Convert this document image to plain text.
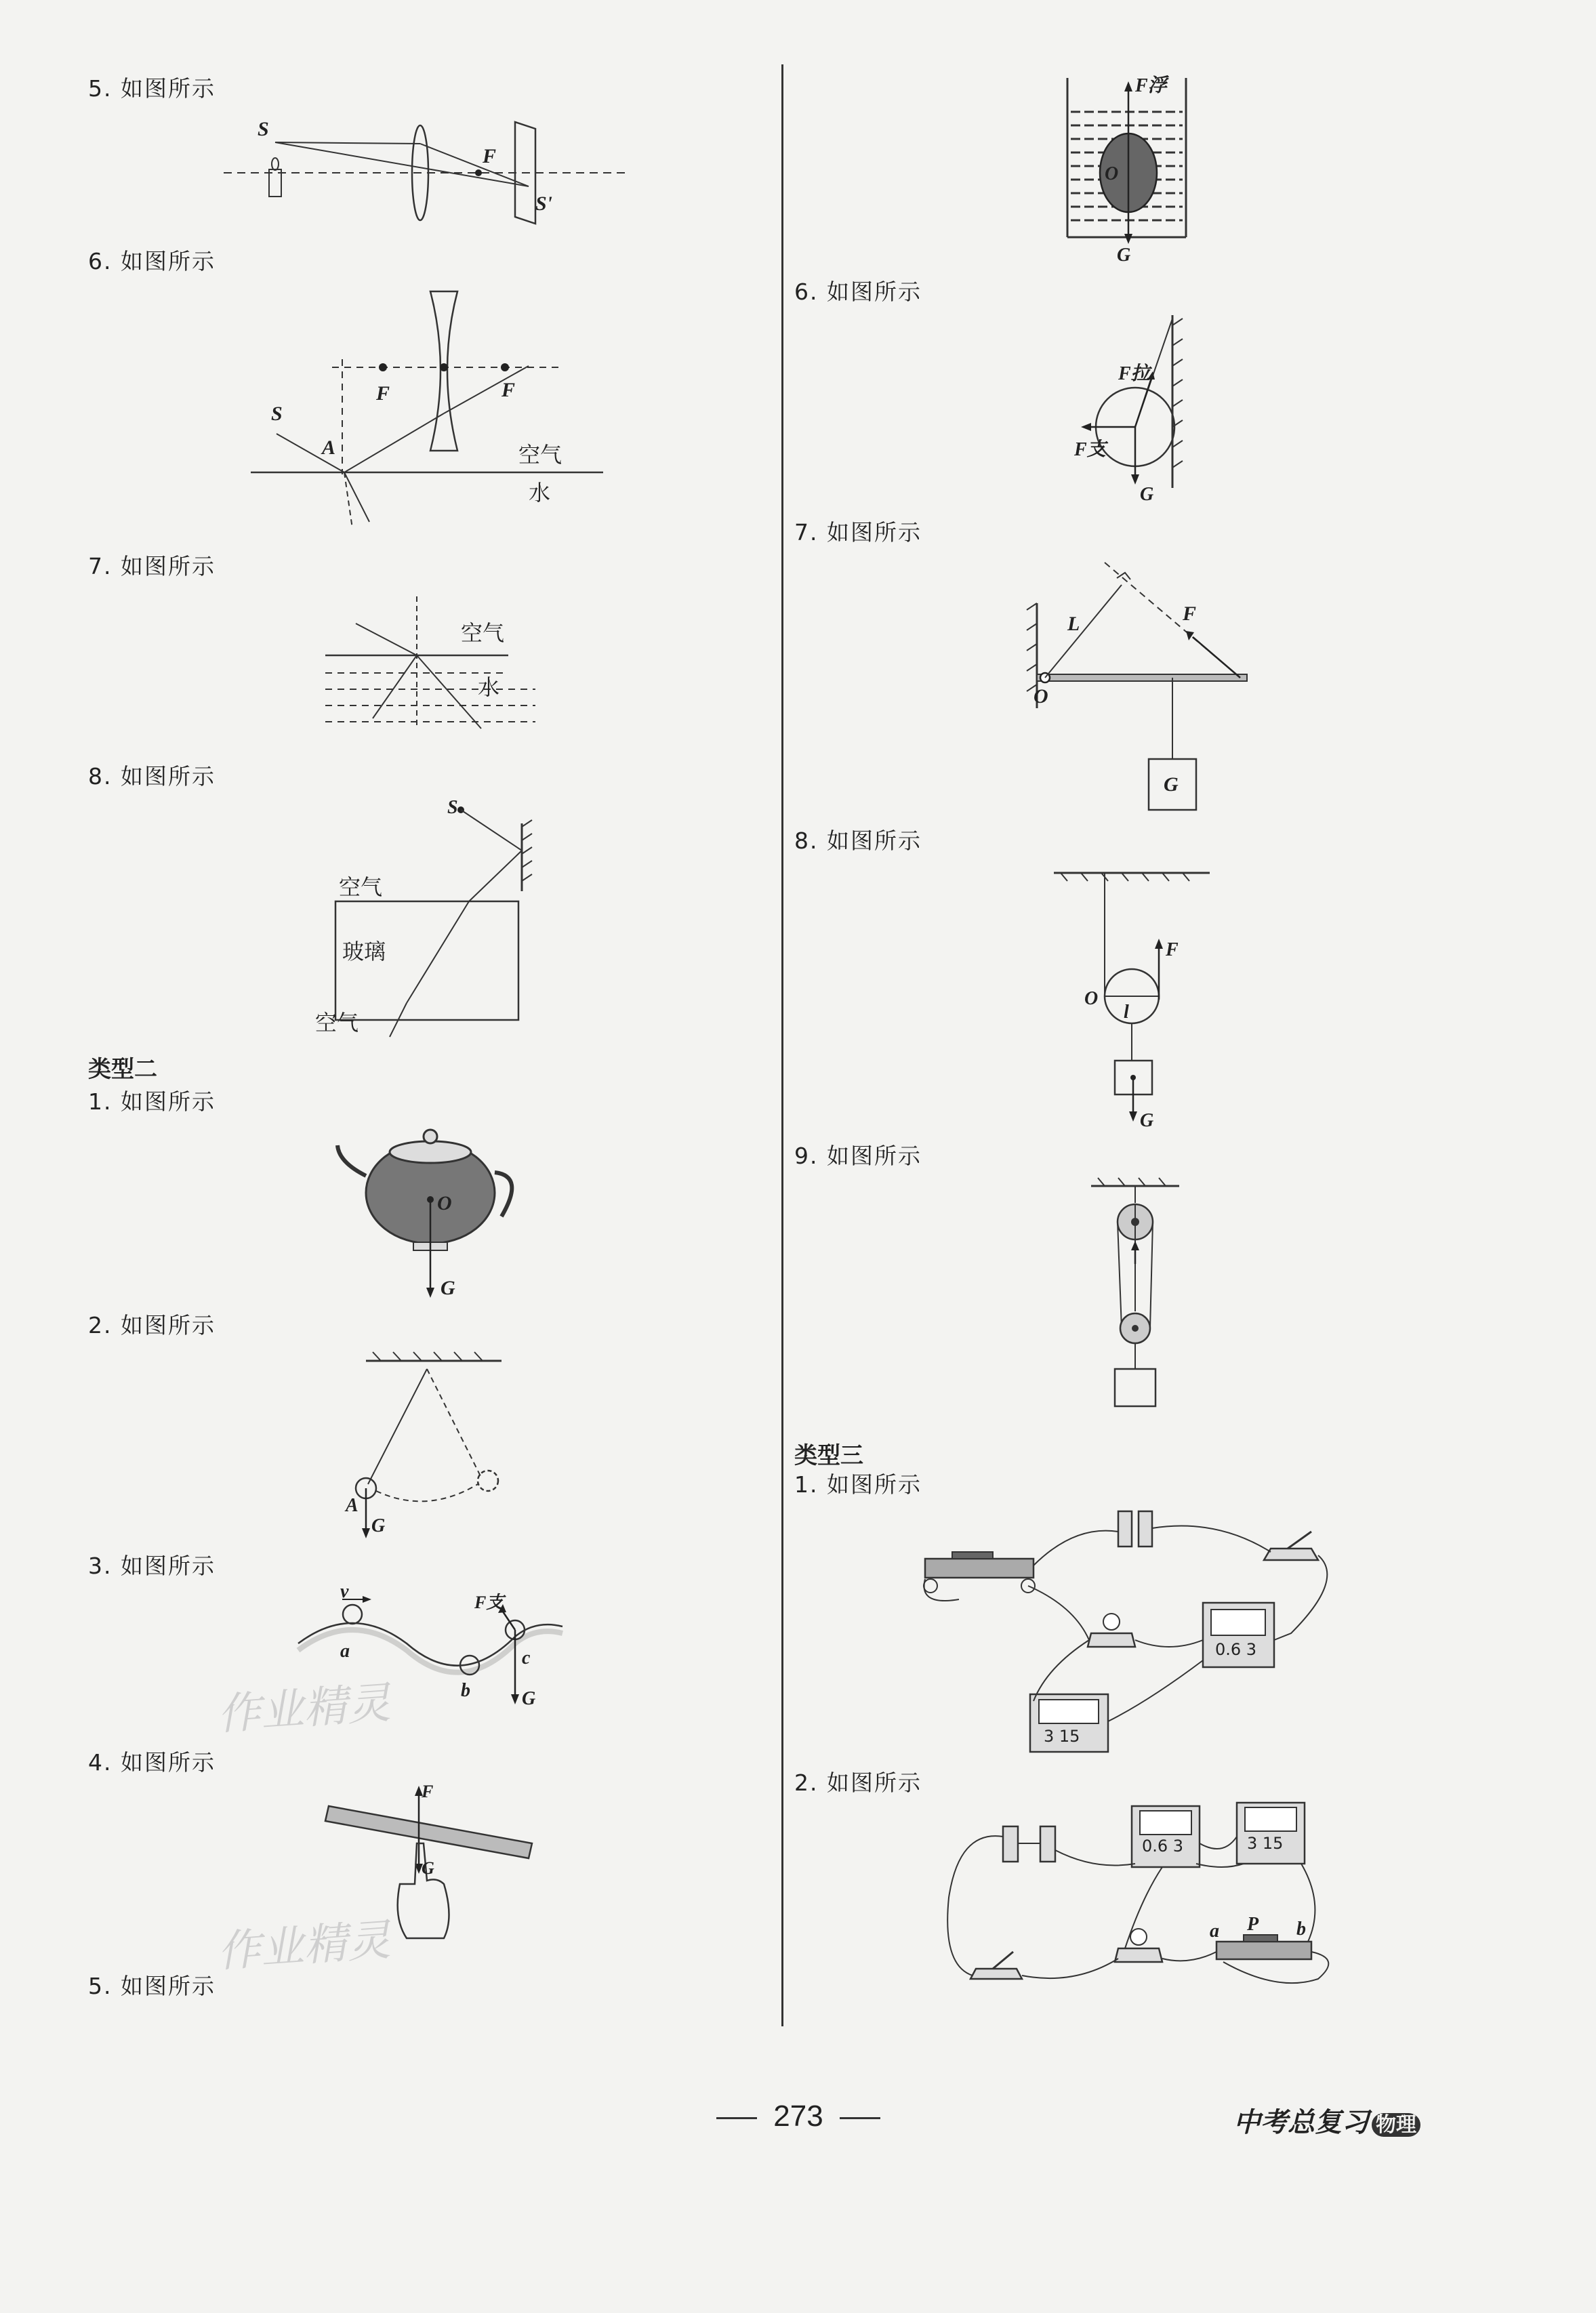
5. 如图所示
S
F
S'
6. 如图所示
S
A
F	F
空气
水
7. 如图所示
空气
水
8. 如图所示
S
空气
玻璃
空气
类型二
1. 如图所示
O
G
2. 如图所示
A
G
3. 如图所示
v
F支
a
b
c
G
4. 如图所示
F
G
5. 如图所示
F浮
O
G
6. 如图所示
F拉
F支
G
7. 如图所示
L	F
O
G
8. 如图所示
F
O
l
G
9. 如图所示
类型三
1. 如图所示
0.6 3
3 15
2. 如图所示
0.6 3	3 15
a P b
作业精灵
作业精灵
273	中考总复习 物理
